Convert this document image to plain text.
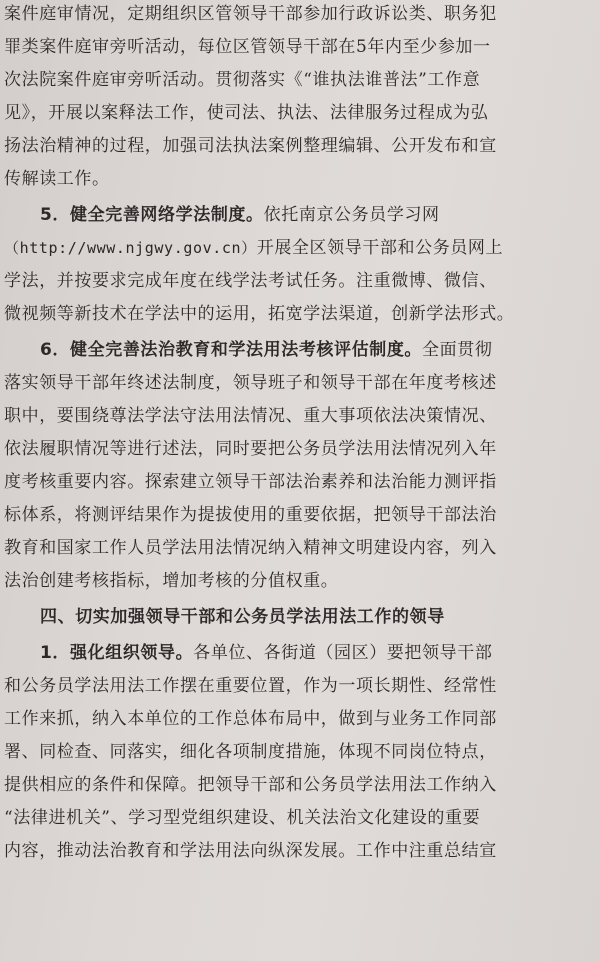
案件庭审情况，定期组织区管领导干部参加行政诉讼类、职务犯
罪类案件庭审旁听活动，每位区管领导干部在5年内至少参加一
次法院案件庭审旁听活动。贯彻落实《“谁执法谁普法”工作意
见》，开展以案释法工作，使司法、执法、法律服务过程成为弘
扬法治精神的过程，加强司法执法案例整理编辑、公开发布和宣
传解读工作。
5．健全完善网络学法制度。依托南京公务员学习网
（http://www.njgwy.gov.cn）开展全区领导干部和公务员网上
学法，并按要求完成年度在线学法考试任务。注重微博、微信、
微视频等新技术在学法中的运用，拓宽学法渠道，创新学法形式。
6．健全完善法治教育和学法用法考核评估制度。全面贯彻
落实领导干部年终述法制度，领导班子和领导干部在年度考核述
职中，要围绕尊法学法守法用法情况、重大事项依法决策情况、
依法履职情况等进行述法，同时要把公务员学法用法情况列入年
度考核重要内容。探索建立领导干部法治素养和法治能力测评指
标体系，将测评结果作为提拔使用的重要依据，把领导干部法治
教育和国家工作人员学法用法情况纳入精神文明建设内容，列入
法治创建考核指标，增加考核的分值权重。
四、切实加强领导干部和公务员学法用法工作的领导
1．强化组织领导。各单位、各街道（园区）要把领导干部
和公务员学法用法工作摆在重要位置，作为一项长期性、经常性
工作来抓，纳入本单位的工作总体布局中，做到与业务工作同部
署、同检查、同落实，细化各项制度措施，体现不同岗位特点，
提供相应的条件和保障。把领导干部和公务员学法用法工作纳入
“法律进机关”、学习型党组织建设、机关法治文化建设的重要
内容，推动法治教育和学法用法向纵深发展。工作中注重总结宣
